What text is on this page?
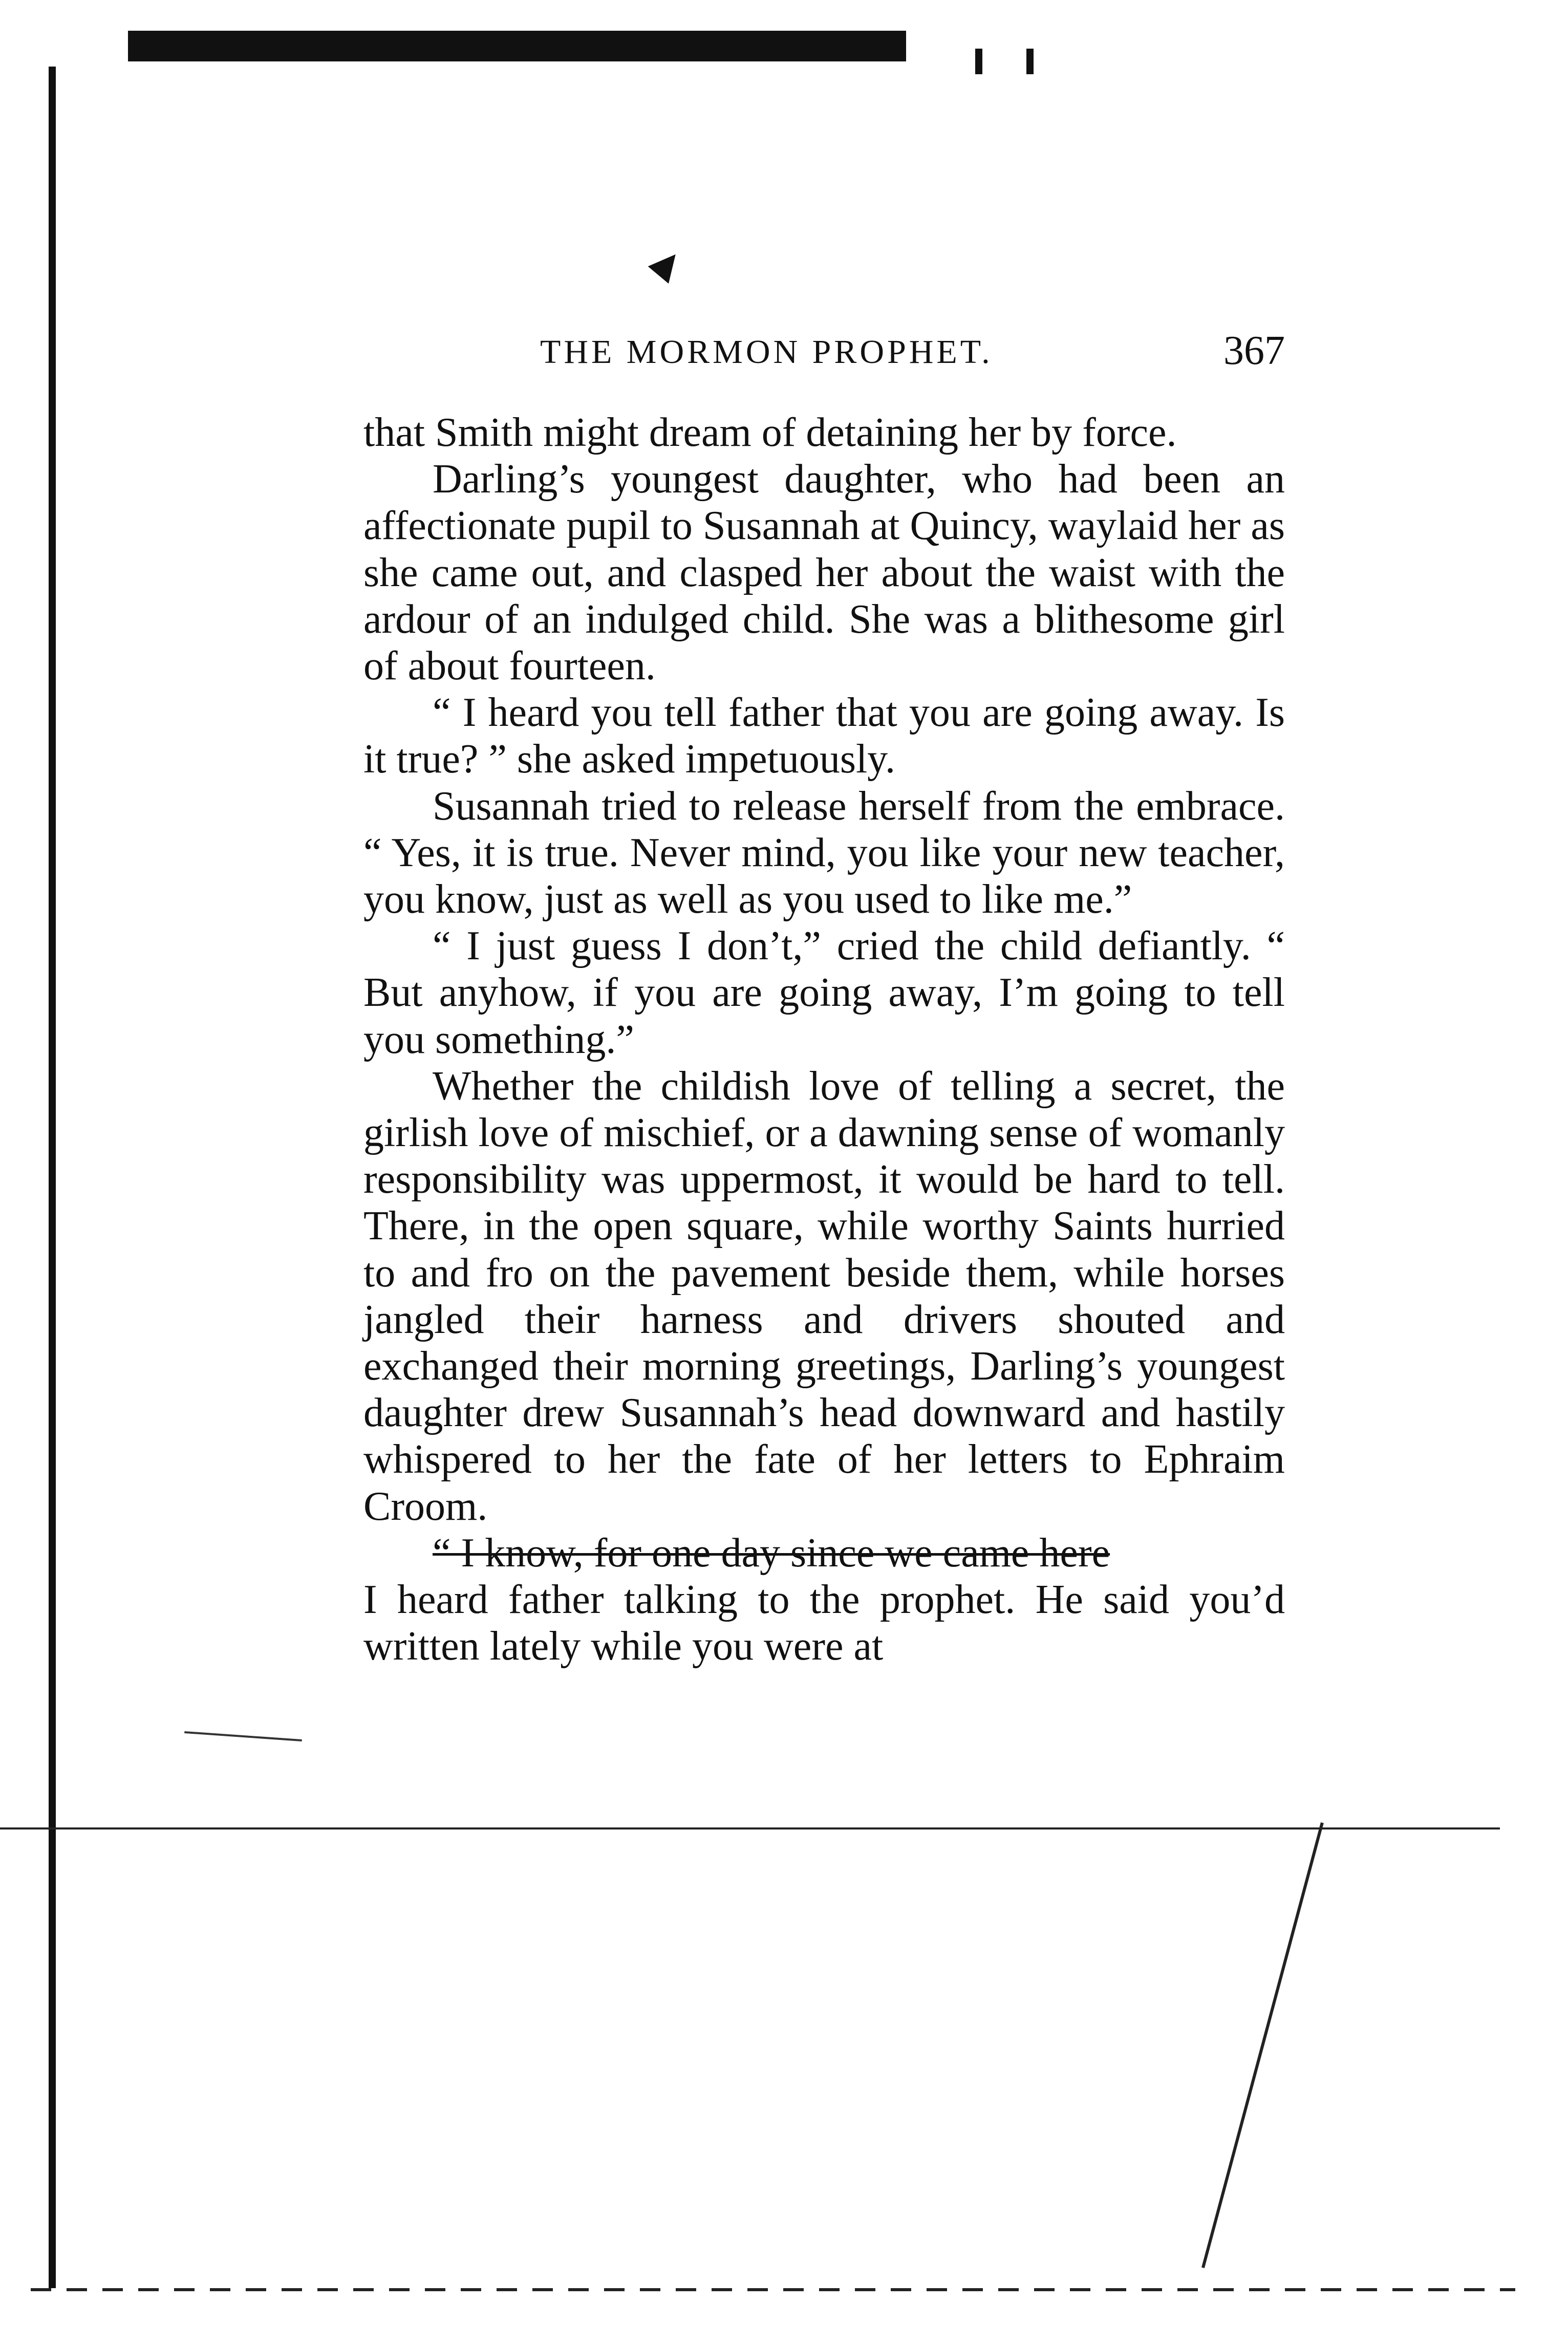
▲
THE MORMON PROPHET.	367

that Smith might dream of detaining her by force.

Darling’s youngest daughter, who had been an affectionate pupil to Susannah at Quincy, waylaid her as she came out, and clasped her about the waist with the ardour of an indulged child. She was a blithesome girl of about fourteen.

“ I heard you tell father that you are going away. Is it true? ” she asked impetuously.

Susannah tried to release herself from the embrace. “ Yes, it is true. Never mind, you like your new teacher, you know, just as well as you used to like me.”

“ I just guess I don’t,” cried the child defiantly. “ But anyhow, if you are going away, I’m going to tell you something.”

Whether the childish love of telling a secret, the girlish love of mischief, or a dawning sense of womanly responsibility was uppermost, it would be hard to tell. There, in the open square, while worthy Saints hurried to and fro on the pavement beside them, while horses jangled their harness and drivers shouted and exchanged their morning greetings, Darling’s youngest daughter drew Susannah’s head downward and hastily whispered to her the fate of her letters to Ephraim Croom.

“ I know, for one day since we came here

I heard father talking to the prophet. He said you’d written lately while you were at
